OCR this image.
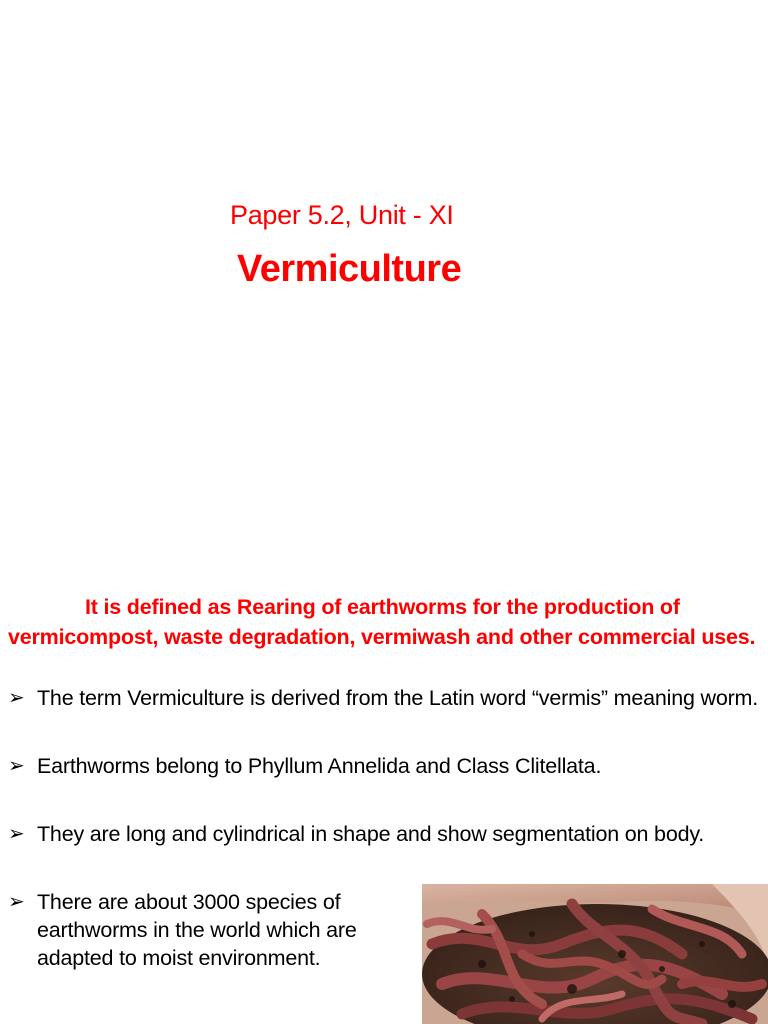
Paper 5.2, Unit - XI
Vermiculture
It is defined as Rearing of earthworms for the production of vermicompost, waste degradation, vermiwash and other commercial uses.
➢ The term Vermiculture is derived from the Latin word “vermis” meaning worm.
➢ Earthworms belong to Phyllum Annelida and Class Clitellata.
➢ They are long and cylindrical in shape and show segmentation on body.
➢ There are about 3000 species of earthworms in the world which are adapted to moist environment.
